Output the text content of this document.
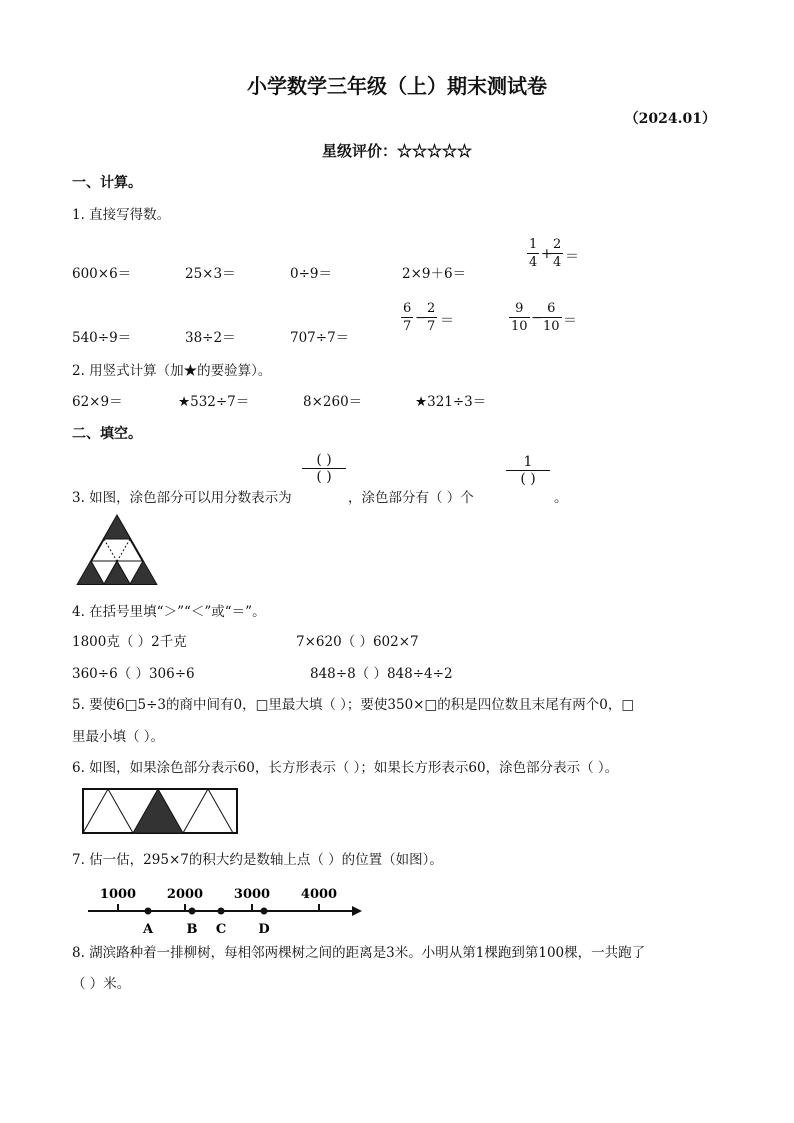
小学数学三年级（上）期末测试卷
（2024.01）
星级评价：☆☆☆☆☆
一、计算。
1. 直接写得数。
600×6＝	25×3＝	0÷9＝	2×9＋6＝
1
4
+
2
4 ＝
540÷9＝	38÷2＝	707÷7＝
6
7
−
2
7 ＝
9
10
−
6
10 ＝
2. 用竖式计算（加★的要验算）。
62×9＝	★532÷7＝	8×260＝	★321÷3＝
二、填空。
3. 如图，涂色部分可以用分数表示为
( )
( )
，涂色部分有（ ）个
1
( )
。
4. 在括号里填“＞”“＜”或“＝”。
1800克（ ）2千克	7×620（ ）602×7
360÷6（ ）306÷6	848÷8（ ）848÷4÷2
5. 要使6□5÷3的商中间有0，□里最大填（ ）；要使350×□的积是四位数且末尾有两个0，□
里最小填（ ）。
6. 如图，如果涂色部分表示60，长方形表示（ ）；如果长方形表示60，涂色部分表示（ ）。
7. 估一估，295×7的积大约是数轴上点（ ）的位置（如图）。
1000 2000 3000 4000
A	B C D
8. 湖滨路种着一排柳树，每相邻两棵树之间的距离是3米。小明从第1棵跑到第100棵，一共跑了
（ ）米。
